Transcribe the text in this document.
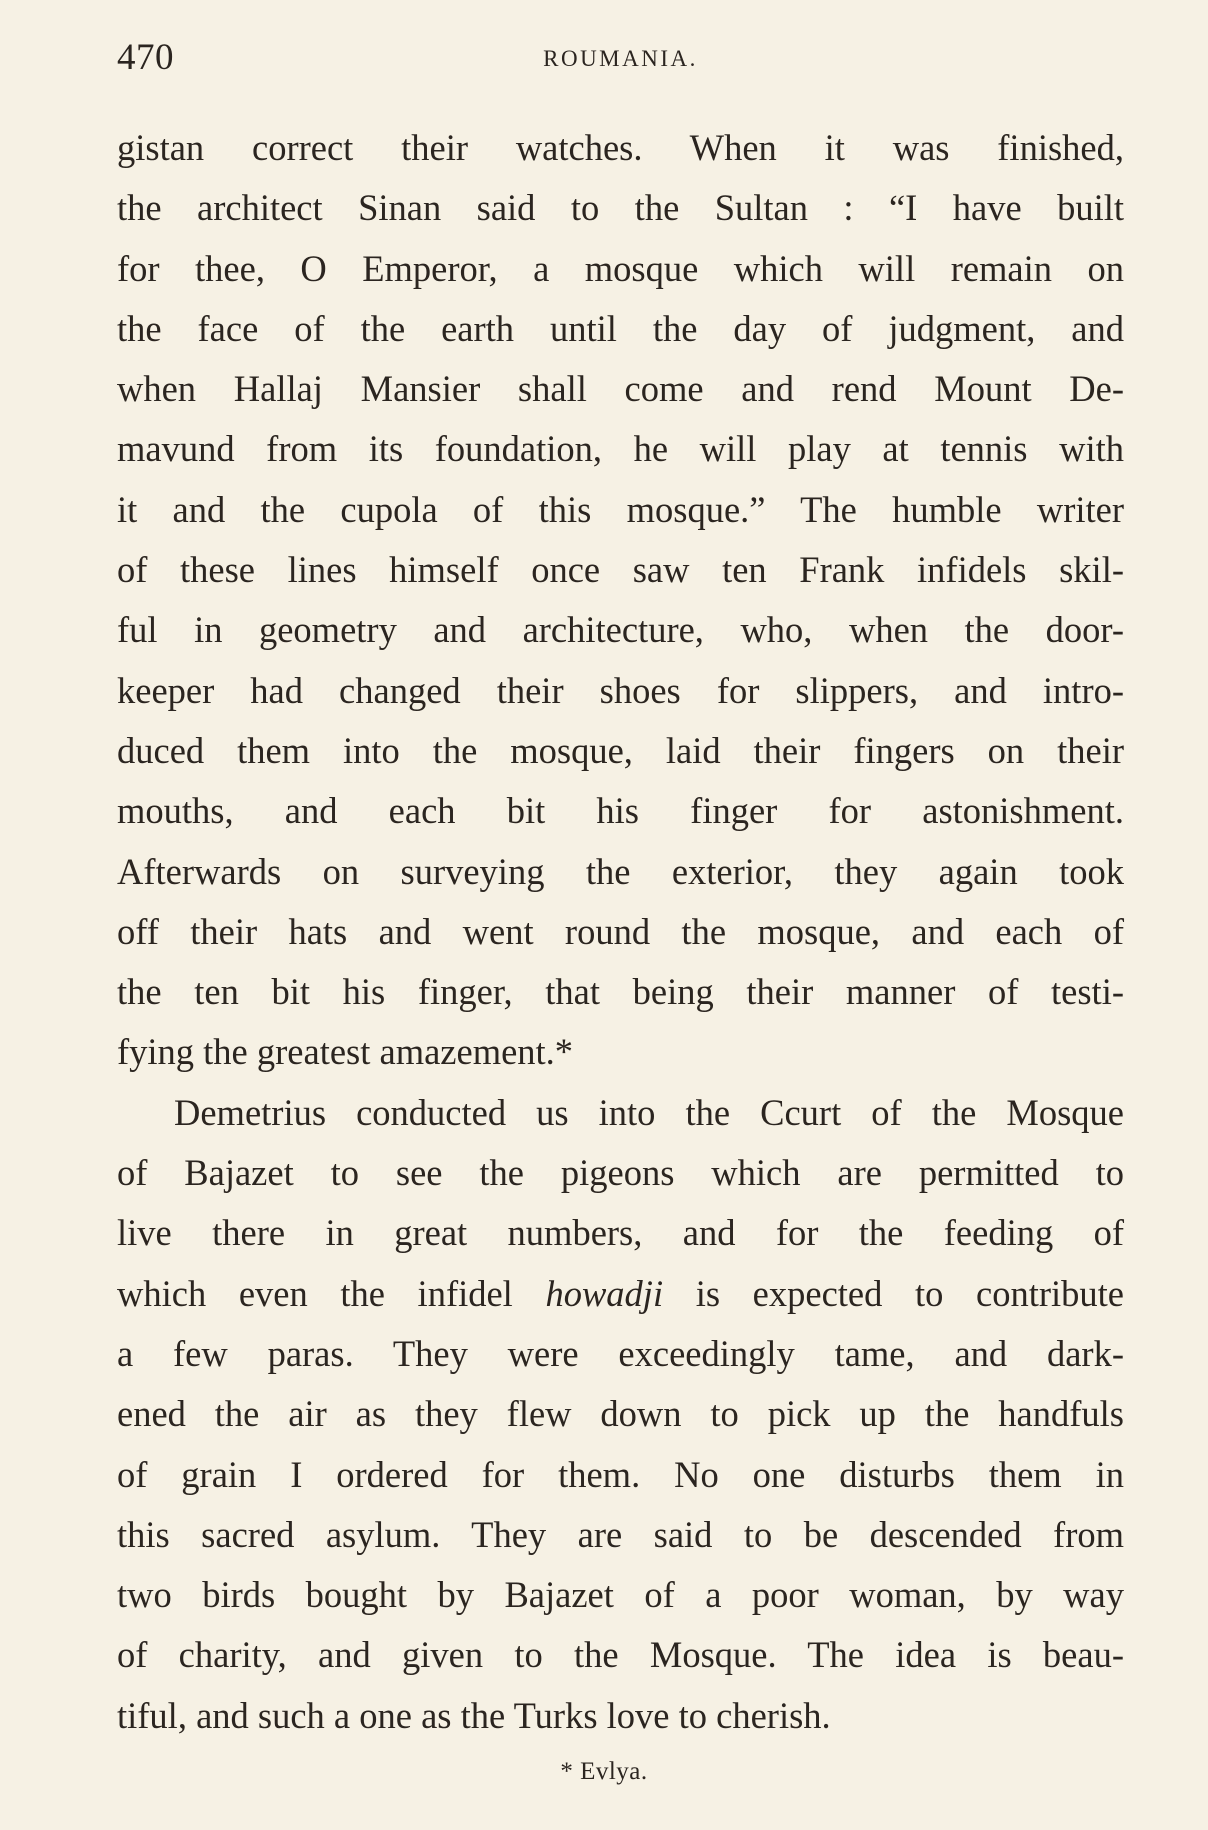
470	ROUMANIA.
gistan correct their watches. When it was finished,
the architect Sinan said to the Sultan : “I have built
for thee, O Emperor, a mosque which will remain on
the face of the earth until the day of judgment, and
when Hallaj Mansier shall come and rend Mount De-
mavund from its foundation, he will play at tennis with
it and the cupola of this mosque.” The humble writer
of these lines himself once saw ten Frank infidels skil-
ful in geometry and architecture, who, when the door-
keeper had changed their shoes for slippers, and intro-
duced them into the mosque, laid their fingers on their
mouths, and each bit his finger for astonishment.
Afterwards on surveying the exterior, they again took
off their hats and went round the mosque, and each of
the ten bit his finger, that being their manner of testi-
fying the greatest amazement.*
Demetrius conducted us into the Ccurt of the Mosque
of Bajazet to see the pigeons which are permitted to
live there in great numbers, and for the feeding of
which even the infidel howadji is expected to contribute
a few paras. They were exceedingly tame, and dark-
ened the air as they flew down to pick up the handfuls
of grain I ordered for them. No one disturbs them in
this sacred asylum. They are said to be descended from
two birds bought by Bajazet of a poor woman, by way
of charity, and given to the Mosque. The idea is beau-
tiful, and such a one as the Turks love to cherish.
* Evlya.
